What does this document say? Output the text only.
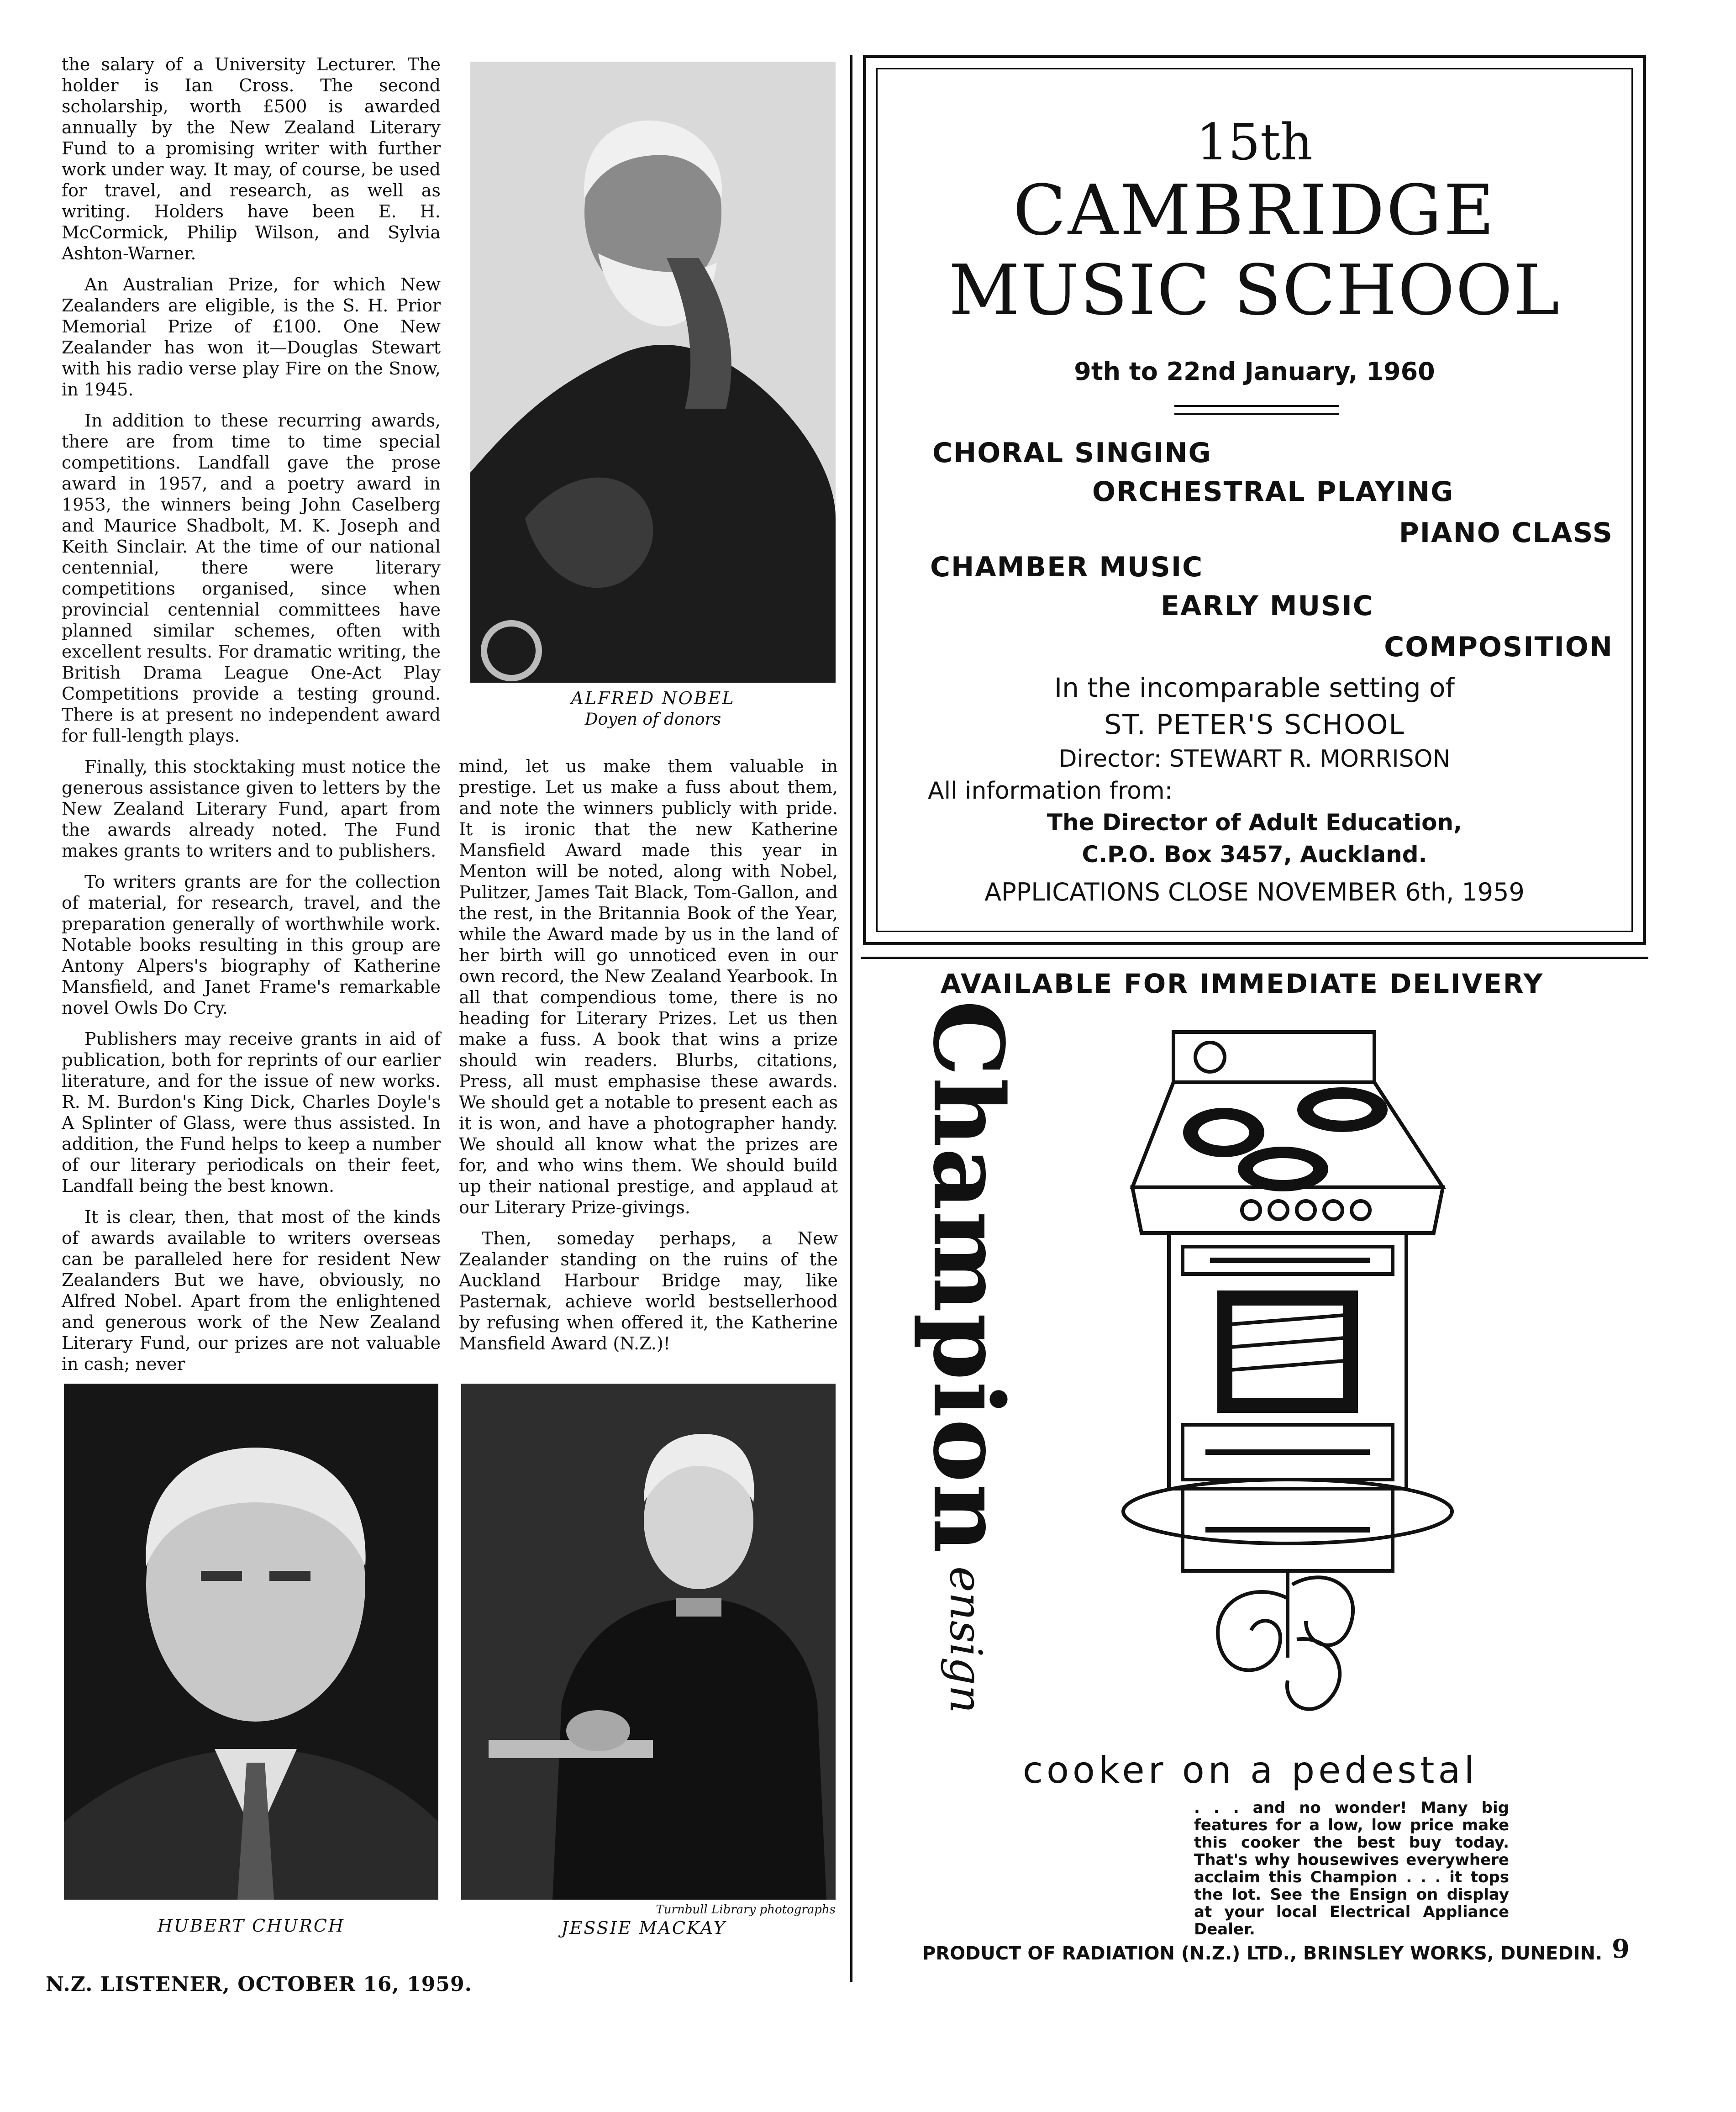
the salary of a University Lecturer. The holder is Ian Cross. The second scholarship, worth £500 is awarded annually by the New Zealand Literary Fund to a promising writer with further work under way. It may, of course, be used for travel, and research, as well as writing. Holders have been E. H. McCormick, Philip Wilson, and Sylvia Ashton-Warner.

An Australian Prize, for which New Zealanders are eligible, is the S. H. Prior Memorial Prize of £100. One New Zealander has won it—Douglas Stewart with his radio verse play Fire on the Snow, in 1945.

In addition to these recurring awards, there are from time to time special competitions. Landfall gave the prose award in 1957, and a poetry award in 1953, the winners being John Caselberg and Maurice Shadbolt, M. K. Joseph and Keith Sinclair. At the time of our national centennial, there were literary competitions organised, since when provincial centennial committees have planned similar schemes, often with excellent results. For dramatic writing, the British Drama League One-Act Play Competitions provide a testing ground. There is at present no independent award for full-length plays.

Finally, this stocktaking must notice the generous assistance given to letters by the New Zealand Literary Fund, apart from the awards already noted. The Fund makes grants to writers and to publishers.

To writers grants are for the collection of material, for research, travel, and the preparation generally of worthwhile work. Notable books resulting in this group are Antony Alpers's biography of Katherine Mansfield, and Janet Frame's remarkable novel Owls Do Cry.

Publishers may receive grants in aid of publication, both for reprints of our earlier literature, and for the issue of new works. R. M. Burdon's King Dick, Charles Doyle's A Splinter of Glass, were thus assisted. In addition, the Fund helps to keep a number of our literary periodicals on their feet, Landfall being the best known.

It is clear, then, that most of the kinds of awards available to writers overseas can be paralleled here for resident New Zealanders But we have, obviously, no Alfred Nobel. Apart from the enlightened and generous work of the New Zealand Literary Fund, our prizes are not valuable in cash; never

ALFRED NOBEL
Doyen of donors

mind, let us make them valuable in prestige. Let us make a fuss about them, and note the winners publicly with pride. It is ironic that the new Katherine Mansfield Award made this year in Menton will be noted, along with Nobel, Pulitzer, James Tait Black, Tom-Gallon, and the rest, in the Britannia Book of the Year, while the Award made by us in the land of her birth will go unnoticed even in our own record, the New Zealand Yearbook. In all that compendious tome, there is no heading for Literary Prizes. Let us then make a fuss. A book that wins a prize should win readers. Blurbs, citations, Press, all must emphasise these awards. We should get a notable to present each as it is won, and have a photographer handy. We should all know what the prizes are for, and who wins them. We should build up their national prestige, and applaud at our Literary Prize-givings.

Then, someday perhaps, a New Zealander standing on the ruins of the Auckland Harbour Bridge may, like Pasternak, achieve world bestsellerhood by refusing when offered it, the Katherine Mansfield Award (N.Z.)!

HUBERT CHURCH
Turnbull Library photographs
JESSIE MACKAY
N.Z. LISTENER, OCTOBER 16, 1959.
15th
CAMBRIDGE
MUSIC SCHOOL
9th to 22nd January, 1960
CHORAL SINGING
ORCHESTRAL PLAYING
PIANO CLASS
CHAMBER MUSIC
EARLY MUSIC
COMPOSITION
In the incomparable setting of
ST. PETER'S SCHOOL
Director: STEWART R. MORRISON
All information from:
The Director of Adult Education,
C.P.O. Box 3457, Auckland.
APPLICATIONS CLOSE NOVEMBER 6th, 1959
AVAILABLE FOR IMMEDIATE DELIVERY
Champion
ensign
cooker on a pedestal
. . . and no wonder! Many big features for a low, low price make this cooker the best buy today. That's why housewives everywhere acclaim this Champion . . . it tops the lot. See the Ensign on display at your local Electrical Appliance Dealer.
PRODUCT OF RADIATION (N.Z.) LTD., BRINSLEY WORKS, DUNEDIN. 9
